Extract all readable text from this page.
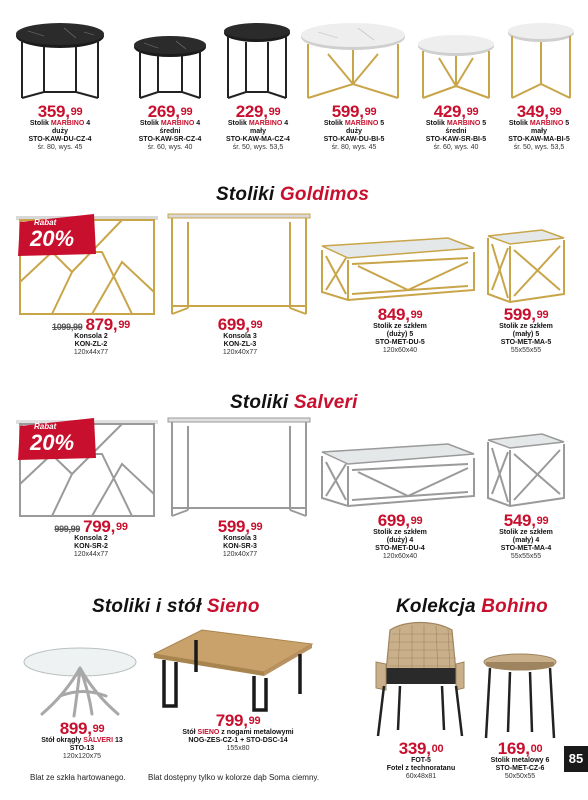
359,99
Stolik MARBINO 4
duży
STO-KAW-DU-CZ-4
śr. 80, wys. 45
269,99
Stolik MARBINO 4
średni
STO-KAW-SR-CZ-4
śr. 60, wys. 40
229,99
Stolik MARBINO 4
mały
STO-KAW-MA-CZ-4
śr. 50, wys. 53,5
599,99
Stolik MARBINO 5
duży
STO-KAW-DU-BI-5
śr. 80, wys. 45
429,99
Stolik MARBINO 5
średni
STO-KAW-SR-BI-5
śr. 60, wys. 40
349,99
Stolik MARBINO 5
mały
STO-KAW-MA-BI-5
śr. 50, wys. 53,5
Stoliki Goldimos
Rabat
20%
$^{1099,99}$ 879,99
Konsola 2
KON-ZL-2
120x44x77
699,99
Konsola 3
KON-ZL-3
120x40x77
849,99
Stolik ze szkłem
(duży) 5
STO-MET-DU-5
120x60x40
599,99
Stolik ze szkłem
(mały) 5
STO-MET-MA-5
55x55x55
Stoliki Salveri
Rabat
20%
$^{999,99}$ 799,99
Konsola 2
KON-SR-2
120x44x77
599,99
Konsola 3
KON-SR-3
120x40x77
699,99
Stolik ze szkłem
(duży) 4
STO-MET-DU-4
120x60x40
549,99
Stolik ze szkłem
(mały) 4
STO-MET-MA-4
55x55x55
Stoliki i stół Sieno	Kolekcja Bohino
899,99
Stół okrągły SALVERI 13
STO-13
120x120x75
Blat ze szkła hartowanego.
799,99
Stół SIENO z nogami metalowymi
NOG-ZES-CZ-1 + STO-DSC-14
155x80
Blat dostępny tylko w kolorze dąb Soma ciemny.
339,00
FOT-5
Fotel z technoratanu
60x48x81
169,00
Stolik metalowy 6
STO-MET-CZ-6
50x50x55
85
